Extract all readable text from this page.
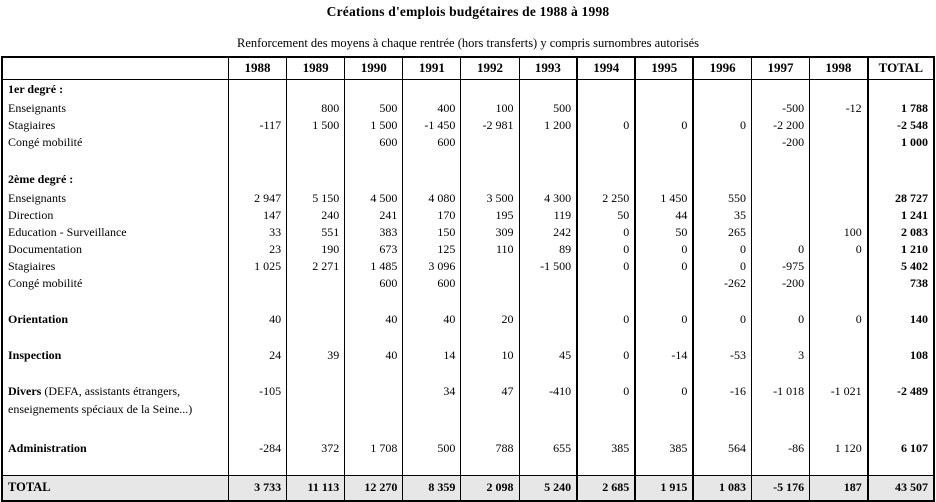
Créations d'emplois budgétaires de 1988 à 1998
Renforcement des moyens à chaque rentrée (hors transferts) y compris surnombres autorisés
	1988	1989	1990	1991	1992	1993	1994	1995	1996	1997	1998	TOTAL
1er degré :												
Enseignants		800	500	400	100	500				-500	-12	1 788
Stagiaires	-117	1 500	1 500	-1 450	-2 981	1 200	0	0	0	-2 200		-2 548
Congé mobilité			600	600						-200		1 000

2ème degré :												
Enseignants	2 947	5 150	4 500	4 080	3 500	4 300	2 250	1 450	550			28 727
Direction	147	240	241	170	195	119	50	44	35			1 241
Education - Surveillance	33	551	383	150	309	242	0	50	265		100	2 083
Documentation	23	190	673	125	110	89	0	0	0	0	0	1 210
Stagiaires	1 025	2 271	1 485	3 096		-1 500	0	0	0	-975		5 402
Congé mobilité			600	600					-262	-200		738

Orientation	40		40	40	20		0	0	0	0	0	140

Inspection	24	39	40	14	10	45	0	-14	-53	3		108

Divers (DEFA, assistants étrangers,	-105			34	47	-410	0	0	-16	-1 018	-1 021	-2 489
enseignements spéciaux de la Seine...)												

Administration	-284	372	1 708	500	788	655	385	385	564	-86	1 120	6 107

TOTAL	3 733	11 113	12 270	8 359	2 098	5 240	2 685	1 915	1 083	-5 176	187	43 507
